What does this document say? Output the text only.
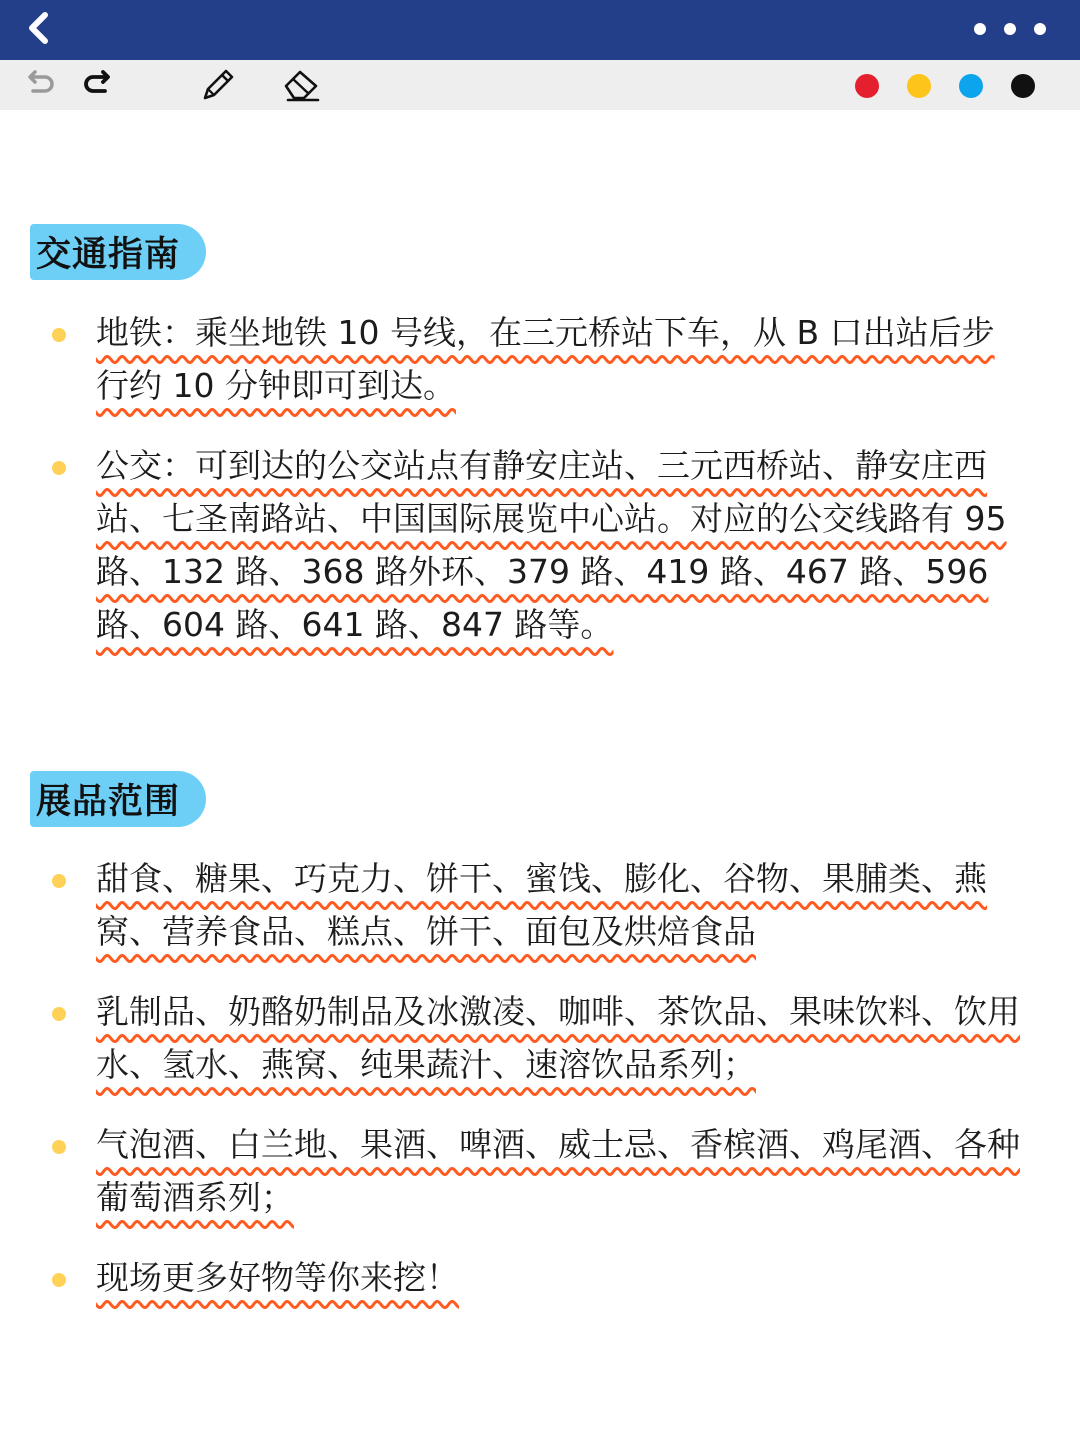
交通指南
地铁：乘坐地铁 10 号线，在三元桥站下车，从 B 口出站后步行约 10 分钟即可到达。
公交：可到达的公交站点有静安庄站、三元西桥站、静安庄西站、七圣南路站、中国国际展览中心站。对应的公交线路有 95 路、132 路、368 路外环、379 路、419 路、467 路、596 路、604 路、641 路、847 路等。
展品范围
甜食、糖果、巧克力、饼干、蜜饯、膨化、谷物、果脯类、燕窝、营养食品、糕点、饼干、面包及烘焙食品
乳制品、奶酪奶制品及冰激凌、咖啡、茶饮品、果味饮料、饮用水、氢水、燕窝、纯果蔬汁、速溶饮品系列；
气泡酒、白兰地、果酒、啤酒、威士忌、香槟酒、鸡尾酒、各种葡萄酒系列；
现场更多好物等你来挖！
